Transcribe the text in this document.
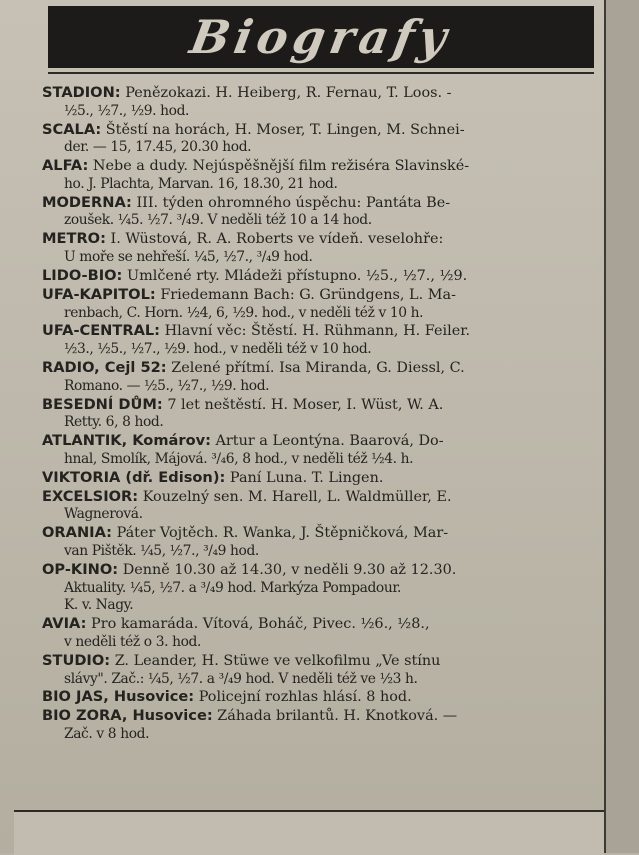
Biografy
STADION: Penězokazi. H. Heiberg, R. Fernau, T. Loos. -
½5., ½7., ½9. hod.
SCALA: Štěstí na horách, H. Moser, T. Lingen, M. Schnei-
der. — 15, 17.45, 20.30 hod.
ALFA: Nebe a dudy. Nejúspěšnější film režiséra Slavinské-
ho. J. Plachta, Marvan. 16, 18.30, 21 hod.
MODERNA: III. týden ohromného úspěchu: Pantáta Be-
zoušek. ¼5. ½7. ³/₄9. V neděli též 10 a 14 hod.
METRO: I. Wüstová, R. A. Roberts ve vídeň. veselohře:
U moře se nehřeší. ¼5, ½7., ³/₄9 hod.
LIDO-BIO: Umlčené rty. Mládeži přístupno. ½5., ½7., ½9.
UFA-KAPITOL: Friedemann Bach: G. Gründgens, L. Ma-
renbach, C. Horn. ½4, 6, ½9. hod., v neděli též v 10 h.
UFA-CENTRAL: Hlavní věc: Štěstí. H. Rühmann, H. Feiler.
½3., ½5., ½7., ½9. hod., v neděli též v 10 hod.
RADIO, Cejl 52: Zelené přítmí. Isa Miranda, G. Diessl, C.
Romano. — ½5., ½7., ½9. hod.
BESEDNÍ DŮM: 7 let neštěstí. H. Moser, I. Wüst, W. A.
Retty. 6, 8 hod.
ATLANTIK, Komárov: Artur a Leontýna. Baarová, Do-
hnal, Smolík, Májová. ³/₄6, 8 hod., v neděli též ½4. h.
VIKTORIA (dř. Edison): Paní Luna. T. Lingen.
EXCELSIOR: Kouzelný sen. M. Harell, L. Waldmüller, E.
Wagnerová.
ORANIA: Páter Vojtěch. R. Wanka, J. Štěpničková, Mar-
van Pištěk. ¼5, ½7., ³/₄9 hod.
OP-KINO: Denně 10.30 až 14.30, v neděli 9.30 až 12.30.
Aktuality. ¼5, ½7. a ³/₄9 hod. Markýza Pompadour.
K. v. Nagy.
AVIA: Pro kamaráda. Vítová, Boháč, Pivec. ½6., ½8.,
v neděli též o 3. hod.
STUDIO: Z. Leander, H. Stüwe ve velkofilmu „Ve stínu
slávy". Zač.: ¼5, ½7. a ³/₄9 hod. V neděli též ve ½3 h.
BIO JAS, Husovice: Policejní rozhlas hlásí. 8 hod.
BIO ZORA, Husovice: Záhada brilantů. H. Knotková. —
Zač. v 8 hod.
